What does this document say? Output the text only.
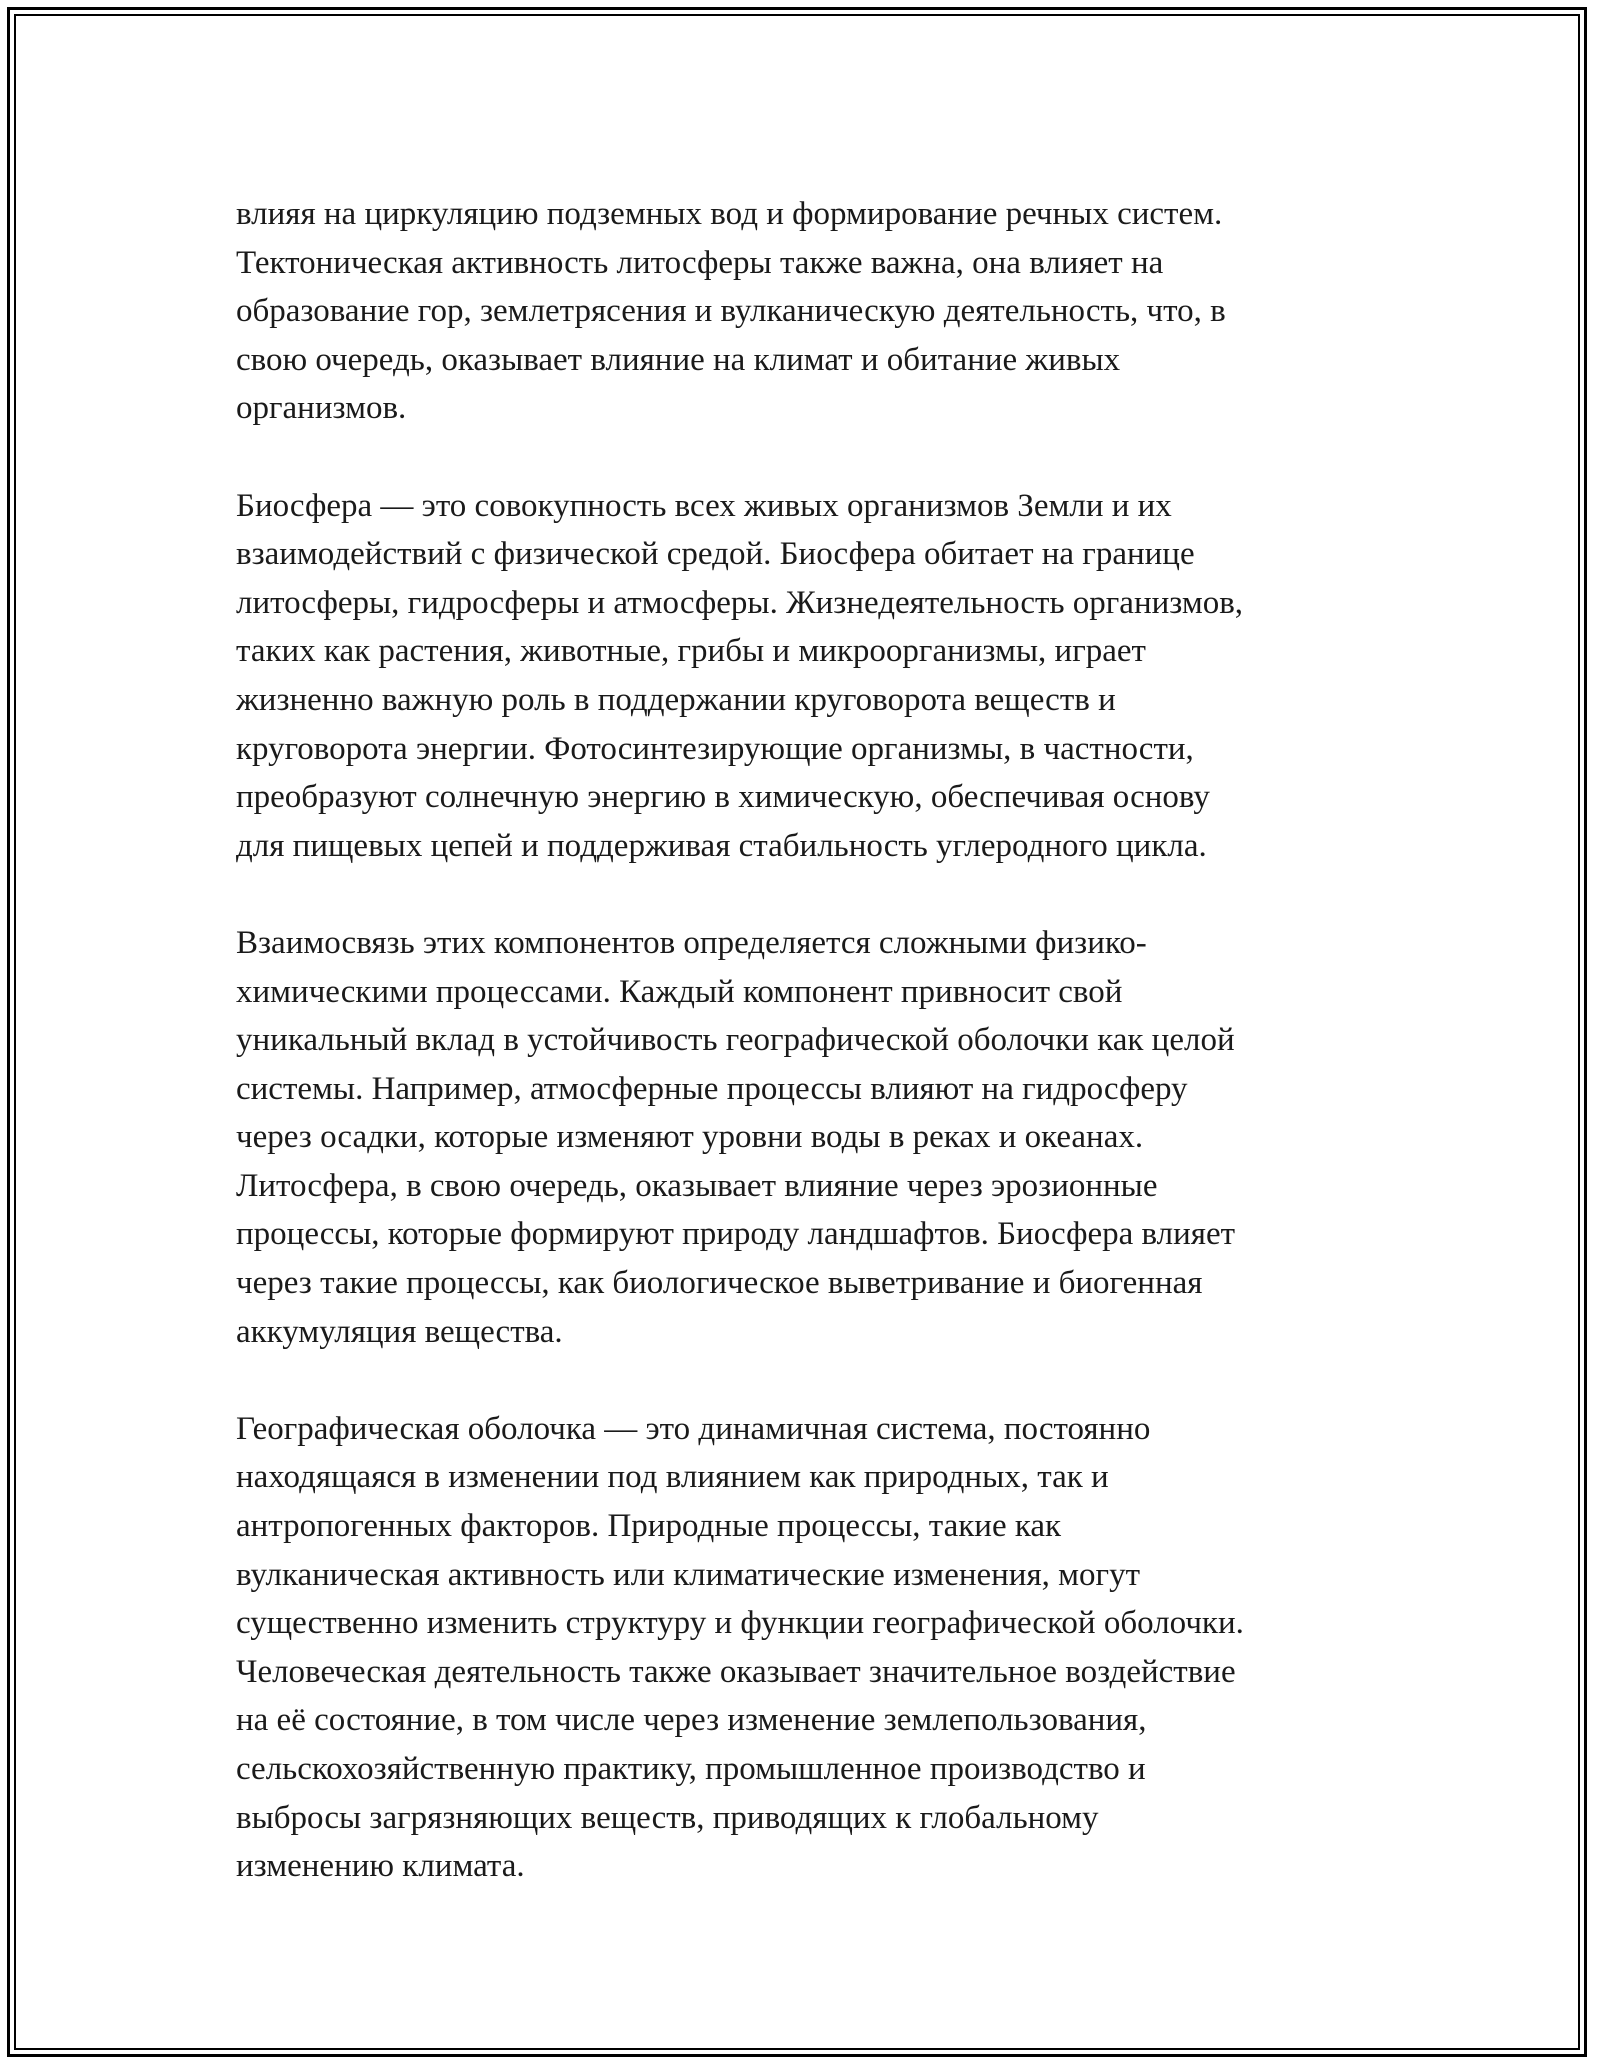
влияя на циркуляцию подземных вод и формирование речных систем.
Тектоническая активность литосферы также важна, она влияет на
образование гор, землетрясения и вулканическую деятельность, что, в
свою очередь, оказывает влияние на климат и обитание живых
организмов.

Биосфера — это совокупность всех живых организмов Земли и их
взаимодействий с физической средой. Биосфера обитает на границе
литосферы, гидросферы и атмосферы. Жизнедеятельность организмов,
таких как растения, животные, грибы и микроорганизмы, играет
жизненно важную роль в поддержании круговорота веществ и
круговорота энергии. Фотосинтезирующие организмы, в частности,
преобразуют солнечную энергию в химическую, обеспечивая основу
для пищевых цепей и поддерживая стабильность углеродного цикла.

Взаимосвязь этих компонентов определяется сложными физико-
химическими процессами. Каждый компонент привносит свой
уникальный вклад в устойчивость географической оболочки как целой
системы. Например, атмосферные процессы влияют на гидросферу
через осадки, которые изменяют уровни воды в реках и океанах.
Литосфера, в свою очередь, оказывает влияние через эрозионные
процессы, которые формируют природу ландшафтов. Биосфера влияет
через такие процессы, как биологическое выветривание и биогенная
аккумуляция вещества.

Географическая оболочка — это динамичная система, постоянно
находящаяся в изменении под влиянием как природных, так и
антропогенных факторов. Природные процессы, такие как
вулканическая активность или климатические изменения, могут
существенно изменить структуру и функции географической оболочки.
Человеческая деятельность также оказывает значительное воздействие
на её состояние, в том числе через изменение землепользования,
сельскохозяйственную практику, промышленное производство и
выбросы загрязняющих веществ, приводящих к глобальному
изменению климата.
